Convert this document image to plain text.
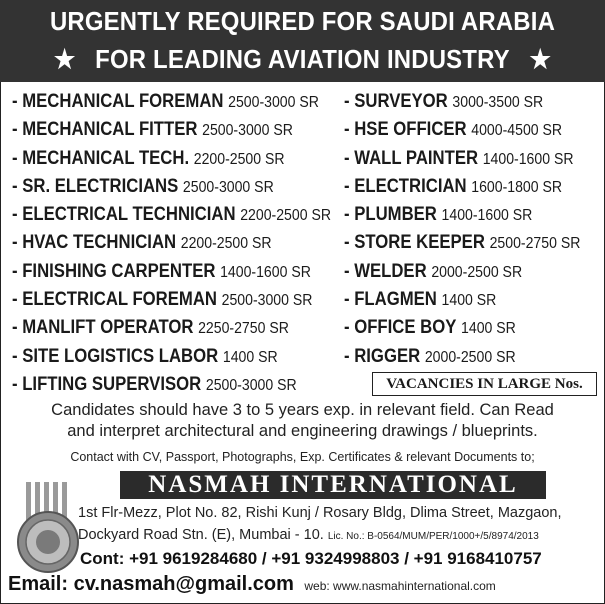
URGENTLY REQUIRED FOR SAUDI ARABIA
★ FOR LEADING AVIATION INDUSTRY ★
- MECHANICAL FOREMAN 2500-3000 SR
- MECHANICAL FITTER 2500-3000 SR
- MECHANICAL TECH. 2200-2500 SR
- SR. ELECTRICIANS 2500-3000 SR
- ELECTRICAL TECHNICIAN 2200-2500 SR
- HVAC TECHNICIAN 2200-2500 SR
- FINISHING CARPENTER 1400-1600 SR
- ELECTRICAL FOREMAN 2500-3000 SR
- MANLIFT OPERATOR 2250-2750 SR
- SITE LOGISTICS LABOR 1400 SR
- LIFTING SUPERVISOR 2500-3000 SR
- SURVEYOR 3000-3500 SR
- HSE OFFICER 4000-4500 SR
- WALL PAINTER 1400-1600 SR
- ELECTRICIAN 1600-1800 SR
- PLUMBER 1400-1600 SR
- STORE KEEPER 2500-2750 SR
- WELDER 2000-2500 SR
- FLAGMEN 1400 SR
- OFFICE BOY 1400 SR
- RIGGER 2000-2500 SR
VACANCIES IN LARGE Nos.
Candidates should have 3 to 5 years exp. in relevant field. Can Read
and interpret architectural and engineering drawings / blueprints.
Contact with CV, Passport, Photographs, Exp. Certificates & relevant Documents to;
NASMAH INTERNATIONAL
1st Flr-Mezz, Plot No. 82, Rishi Kunj / Rosary Bldg, Dlima Street, Mazgaon,
Dockyard Road Stn. (E), Mumbai - 10. Lic. No.: B-0564/MUM/PER/1000+/5/8974/2013
Cont: +91 9619284680 / +91 9324998803 / +91 9168410757
Email: cv.nasmah@gmail.com web: www.nasmahinternational.com
